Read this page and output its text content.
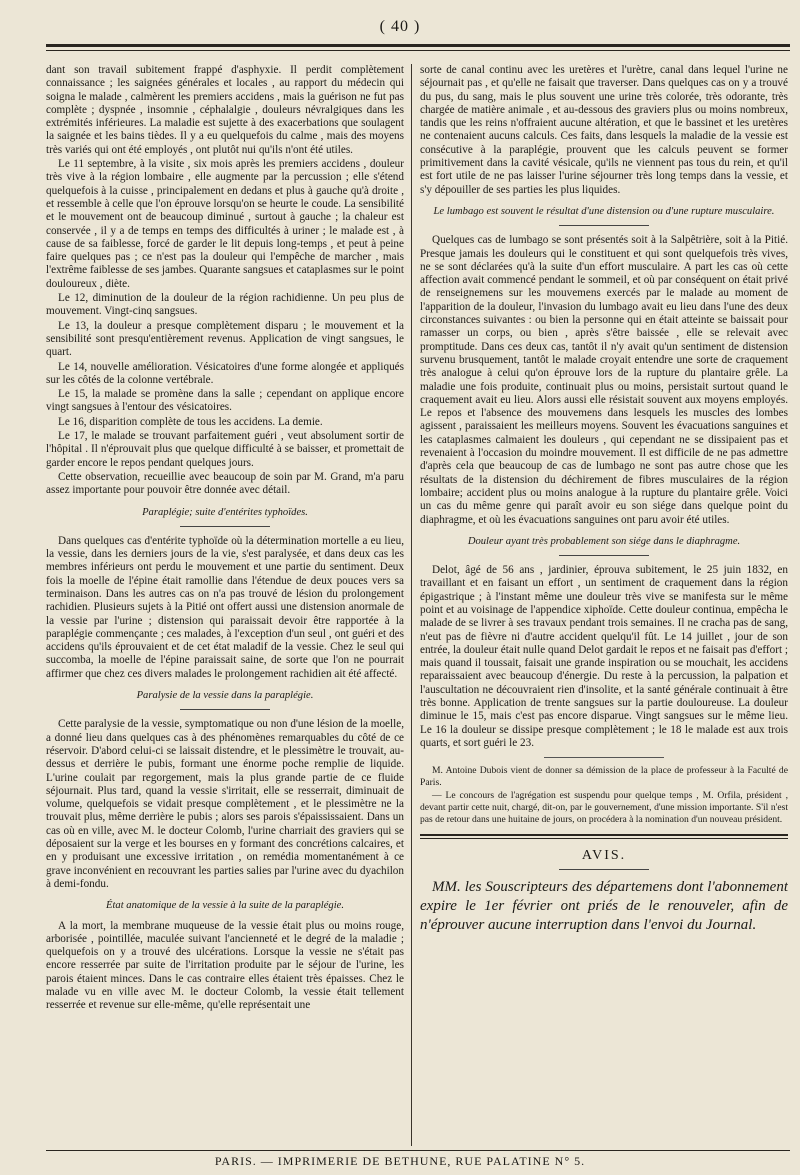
( 40 )

dant son travail subitement frappé d'asphyxie. Il perdit complètement connaissance ; les saignées générales et locales , au rapport du médecin qui soigna le malade , calmèrent les premiers accidens , mais la guérison ne fut pas complète ; dyspnée , insomnie , céphalalgie , douleurs névralgiques dans les extrémités inférieures. La maladie est sujette à des exacerbations que soulagent la saignée et les bains tièdes. Il y a eu quelquefois du calme , mais des moyens très variés qui ont été employés , ont plutôt nui qu'ils n'ont été utiles.

Le 11 septembre, à la visite , six mois après les premiers accidens , douleur très vive à la région lombaire , elle augmente par la percussion ; elle s'étend quelquefois à la cuisse , principalement en dedans et plus à gauche qu'à droite , et ressemble à celle que l'on éprouve lorsqu'on se heurte le coude. La sensibilité et le mouvement ont de beaucoup diminué , surtout à gauche ; la chaleur est conservée , il y a de temps en temps des difficultés à uriner ; le malade est , à cause de sa faiblesse, forcé de garder le lit depuis long-temps , et peut à peine faire quelques pas ; ce n'est pas la douleur qui l'empêche de marcher , mais l'extrême faiblesse de ses jambes. Quarante sangsues et cataplasmes sur le point douloureux , diète.

Le 12, diminution de la douleur de la région rachidienne. Un peu plus de mouvement. Vingt-cinq sangsues.

Le 13, la douleur a presque complètement disparu ; le mouvement et la sensibilité sont presqu'entièrement revenus. Application de vingt sangsues, le quart.

Le 14, nouvelle amélioration. Vésicatoires d'une forme alongée et appliqués sur les côtés de la colonne vertébrale.

Le 15, la malade se promène dans la salle ; cependant on applique encore vingt sangsues à l'entour des vésicatoires.

Le 16, disparition complète de tous les accidens. La demie.

Le 17, le malade se trouvant parfaitement guéri , veut absolument sortir de l'hôpital . Il n'éprouvait plus que quelque difficulté à se baisser, et promettait de garder encore le repos pendant quelques jours.

Cette observation, recueillie avec beaucoup de soin par M. Grand, m'a paru assez importante pour pouvoir être donnée avec détail.

Paraplégie; suite d'entérites typhoïdes.

Dans quelques cas d'entérite typhoïde où la détermination mortelle a eu lieu, la vessie, dans les derniers jours de la vie, s'est paralysée, et dans deux cas les membres inférieurs ont perdu le mouvement et une partie du sentiment. Deux fois la moelle de l'épine était ramollie dans l'étendue de deux pouces vers sa terminaison. Dans les autres cas on n'a pas trouvé de lésion du prolongement rachidien. Plusieurs sujets à la Pitié ont offert aussi une distension anormale de la vessie par l'urine ; distension qui paraissait devoir être rapportée à la paraplégie commençante ; ces malades, à l'exception d'un seul , ont guéri et des accidens qu'ils éprouvaient et de cet état maladif de la vessie. Chez le seul qui succomba, la moelle de l'épine paraissait saine, de sorte que l'on ne pourrait affirmer que chez ces divers malades le prolongement rachidien ait été affecté.

Paralysie de la vessie dans la paraplégie.

Cette paralysie de la vessie, symptomatique ou non d'une lésion de la moelle, a donné lieu dans quelques cas à des phénomènes remarquables du côté de ce réservoir. D'abord celui-ci se laissait distendre, et le plessimètre le trouvait, au-dessus et derrière le pubis, formant une énorme poche remplie de liquide. L'urine coulait par regorgement, mais la plus grande partie de ce fluide séjournait. Plus tard, quand la vessie s'irritait, elle se resserrait, diminuait de volume, quelquefois se vidait presque complètement , et le plessimètre ne la trouvait plus, même derrière le pubis ; alors ses parois s'épaississaient. Dans un cas où en ville, avec M. le docteur Colomb, l'urine charriait des graviers qui se déposaient sur la verge et les bourses en y formant des concrétions calcaires, et en y produisant une excessive irritation , on remédia momentanément à ce grave inconvénient en recouvrant les parties salies par l'urine avec du dyachilon à demi-fondu.

État anatomique de la vessie à la suite de la paraplégie.

A la mort, la membrane muqueuse de la vessie était plus ou moins rouge, arborisée , pointillée, maculée suivant l'ancienneté et le degré de la maladie ; quelquefois on y a trouvé des ulcérations. Lorsque la vessie ne s'était pas encore resserrée par suite de l'irritation produite par le séjour de l'urine, les parois étaient minces. Dans le cas contraire elles étaient très épaisses. Chez le malade vu en ville avec M. le docteur Colomb, la vessie était tellement resserrée et revenue sur elle-même, qu'elle représentait une

sorte de canal continu avec les uretères et l'urètre, canal dans lequel l'urine ne séjournait pas , et qu'elle ne faisait que traverser. Dans quelques cas on y a trouvé du pus, du sang, mais le plus souvent une urine très colorée, très odorante, très chargée de matière animale , et au-dessous des graviers plus ou moins nombreux, tandis que les reins n'offraient aucune altération, et que le bassinet et les uretères ne contenaient aucuns calculs. Ces faits, dans lesquels la maladie de la vessie est consécutive à la paraplégie, prouvent que les calculs peuvent se former primitivement dans la cavité vésicale, qu'ils ne viennent pas tous du rein, et qu'il est fort utile de ne pas laisser l'urine séjourner très long temps dans la vessie, et s'y dépouiller de ses parties les plus liquides.

Le lumbago est souvent le résultat d'une distension ou d'une rupture musculaire.

Quelques cas de lumbago se sont présentés soit à la Salpêtrière, soit à la Pitié. Presque jamais les douleurs qui le constituent et qui sont quelquefois très vives, ne se sont déclarées qu'à la suite d'un effort musculaire. A part les cas où cette affection avait commencé pendant le sommeil, et où par conséquent on était privé de renseignemens sur les mouvemens exercés par le malade au moment de l'apparition de la douleur, l'invasion du lumbago avait eu lieu dans l'une des deux circonstances suivantes : ou bien la personne qui en était atteinte se baissait pour ramasser un corps, ou bien , après s'être baissée , elle se relevait avec promptitude. Dans ces deux cas, tantôt il n'y avait qu'un sentiment de distension survenu brusquement, tantôt le malade croyait entendre une sorte de craquement très analogue à celui qu'on éprouve lors de la rupture du plantaire grêle. La maladie une fois produite, continuait plus ou moins, persistait surtout quand le craquement avait eu lieu. Alors aussi elle résistait souvent aux moyens employés. Le repos et l'absence des mouvemens dans lesquels les muscles des lombes agissent , paraissaient les meilleurs moyens. Souvent les évacuations sanguines et les cataplasmes calmaient les douleurs , qui cependant ne se dissipaient pas et revenaient à l'occasion du moindre mouvement. Il est difficile de ne pas admettre d'après cela que beaucoup de cas de lumbago ne sont pas autre chose que les résultats de la distension du déchirement de fibres musculaires de la région lombaire; accident plus ou moins analogue à la rupture du plantaire grêle. Voici un cas du même genre qui paraît avoir eu son siége dans quelque point du diaphragme, et où les évacuations sanguines ont paru avoir été utiles.

Douleur ayant très probablement son siége dans le diaphragme.

Delot, âgé de 56 ans , jardinier, éprouva subitement, le 25 juin 1832, en travaillant et en faisant un effort , un sentiment de craquement dans la région épigastrique ; à l'instant même une douleur très vive se manifesta sur le même point et au voisinage de l'appendice xiphoïde. Cette douleur continua, empêcha le malade de se livrer à ses travaux pendant trois semaines. Il ne cracha pas de sang, n'eut pas de fièvre ni d'autre accident quelqu'il fût. Le 14 juillet , jour de son entrée, la douleur était nulle quand Delot gardait le repos et ne faisait pas d'effort ; mais quand il toussait, faisait une grande inspiration ou se mouchait, les accidens reparaissaient avec beaucoup d'énergie. Du reste à la percussion, la palpation et l'auscultation ne découvraient rien d'insolite, et la santé générale continuait à être très bonne. Application de trente sangsues sur la partie douloureuse. La douleur diminue le 15, mais c'est pas encore disparue. Vingt sangsues sur le même lieu. Le 16 la douleur se dissipe presque complètement ; le 18 le malade est aux trois quarts, et sort guéri le 23.

M. Antoine Dubois vient de donner sa démission de la place de professeur à la Faculté de Paris.

— Le concours de l'agrégation est suspendu pour quelque temps , M. Orfila, président , devant partir cette nuit, chargé, dit-on, par le gouvernement, d'une mission importante. S'il n'est pas de retour dans une huitaine de jours, on procédera à la nomination d'un nouveau président.

AVIS.

MM. les Souscripteurs des départemens dont l'abonnement expire le 1er février ont priés de le renouveler, afin de n'éprouver aucune interruption dans l'envoi du Journal.

PARIS. — IMPRIMERIE DE BETHUNE, RUE PALATINE N° 5.
